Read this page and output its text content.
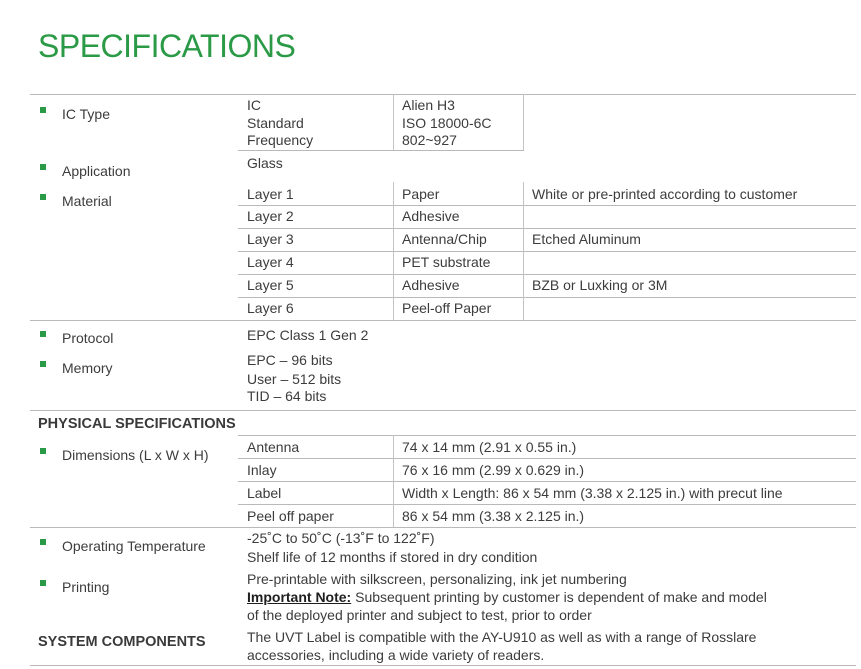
SPECIFICATIONS
IC Type
IC	Alien H3
Standard	ISO 18000-6C
Frequency	802~927
Application	Glass
Material	Layer 1	Paper	White or pre-printed according to customer
Layer 2	Adhesive
Layer 3	Antenna/Chip	Etched Aluminum
Layer 4	PET substrate
Layer 5	Adhesive	BZB or Luxking or 3M
Layer 6	Peel-off Paper
Protocol	EPC Class 1 Gen 2
Memory	EPC – 96 bits
User – 512 bits
TID – 64 bits
PHYSICAL SPECIFICATIONS
Dimensions (L x W x H)	Antenna	74 x 14 mm (2.91 x 0.55 in.)
Inlay	76 x 16 mm (2.99 x 0.629 in.)
Label	Width x Length: 86 x 54 mm (3.38 x 2.125 in.) with precut line
Peel off paper	86 x 54 mm (3.38 x 2.125 in.)
Operating Temperature	-25˚C to 50˚C (-13˚F to 122˚F)
Shelf life of 12 months if stored in dry condition
Printing	Pre-printable with silkscreen, personalizing, ink jet numbering
Important Note: Subsequent printing by customer is dependent of make and model
of the deployed printer and subject to test, prior to order
SYSTEM COMPONENTS	The UVT Label is compatible with the AY-U910 as well as with a range of Rosslare
accessories, including a wide variety of readers.
